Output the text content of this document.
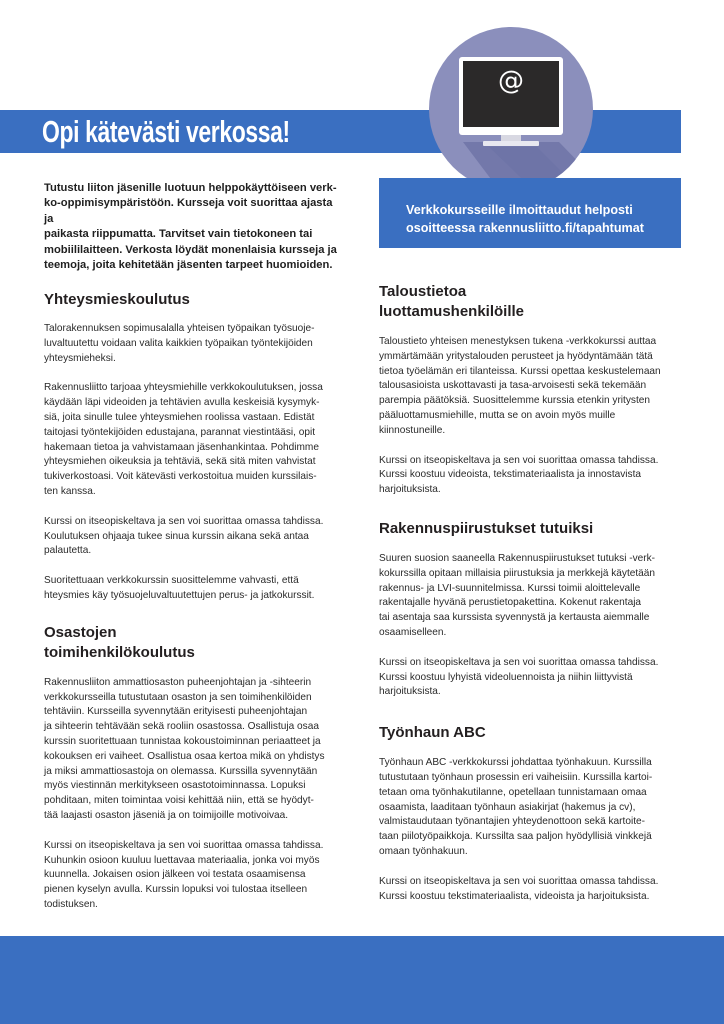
Opi kätevästi verkossa!
@
Tutustu liiton jäsenille luotuun helppokäyttöiseen verk-
ko-oppimisympäristöön. Kursseja voit suorittaa ajasta ja
paikasta riippumatta. Tarvitset vain tietokoneen tai
mobiililaitteen. Verkosta löydät monenlaisia kursseja ja
teemoja, joita kehitetään jäsenten tarpeet huomioiden.
Verkkokursseille ilmoittaudut helposti
osoitteessa rakennusliitto.fi/tapahtumat
Yhteysmieskoulutus
Talorakennuksen sopimusalalla yhteisen työpaikan työsuoje-
luvaltuutettu voidaan valita kaikkien työpaikan työntekijöiden
yhteysmieheksi.
Rakennusliitto tarjoaa yhteysmiehille verkkokoulutuksen, jossa
käydään läpi videoiden ja tehtävien avulla keskeisiä kysymyk-
siä, joita sinulle tulee yhteysmiehen roolissa vastaan. Edistät
taitojasi työntekijöiden edustajana, parannat viestintääsi, opit
hakemaan tietoa ja vahvistamaan jäsenhankintaa. Pohdimme
yhteysmiehen oikeuksia ja tehtäviä, sekä sitä miten vahvistat
tukiverkostoasi. Voit kätevästi verkostoitua muiden kurssilais-
ten kanssa.
Kurssi on itseopiskeltava ja sen voi suorittaa omassa tahdissa.
Koulutuksen ohjaaja tukee sinua kurssin aikana sekä antaa
palautetta.
Suoritettuaan verkkokurssin suosittelemme vahvasti, että
hteysmies käy työsuojeluvaltuutettujen perus- ja jatkokurssit.
Osastojen
toimihenkilökoulutus
Rakennusliiton ammattiosaston puheenjohtajan ja -sihteerin
verkkokursseilla tutustutaan osaston ja sen toimihenkilöiden
tehtäviin. Kursseilla syvennytään erityisesti puheenjohtajan
ja sihteerin tehtävään sekä rooliin osastossa. Osallistuja osaa
kurssin suoritettuaan tunnistaa kokoustoiminnan periaatteet ja
kokouksen eri vaiheet. Osallistua osaa kertoa mikä on yhdistys
ja miksi ammattiosastoja on olemassa. Kurssilla syvennytään
myös viestinnän merkitykseen osastotoiminnassa. Lopuksi
pohditaan, miten toimintaa voisi kehittää niin, että se hyödyt-
tää laajasti osaston jäseniä ja on toimijoille motivoivaa.
Kurssi on itseopiskeltava ja sen voi suorittaa omassa tahdissa.
Kuhunkin osioon kuuluu luettavaa materiaalia, jonka voi myös
kuunnella. Jokaisen osion jälkeen voi testata osaamisensa
pienen kyselyn avulla. Kurssin lopuksi voi tulostaa itselleen
todistuksen.
Taloustietoa
luottamushenkilöille
Taloustieto yhteisen menestyksen tukena -verkkokurssi auttaa
ymmärtämään yritystalouden perusteet ja hyödyntämään tätä
tietoa työelämän eri tilanteissa. Kurssi opettaa keskustelemaan
talousasioista uskottavasti ja tasa-arvoisesti sekä tekemään
parempia päätöksiä. Suosittelemme kurssia etenkin yritysten
pääluottamusmiehille, mutta se on avoin myös muille
kiinnostuneille.
Kurssi on itseopiskeltava ja sen voi suorittaa omassa tahdissa.
Kurssi koostuu videoista, tekstimateriaalista ja innostavista
harjoituksista.
Rakennuspiirustukset tutuiksi
Suuren suosion saaneella Rakennuspiirustukset tutuksi -verk-
kokurssilla opitaan millaisia piirustuksia ja merkkejä käytetään
rakennus- ja LVI-suunnitelmissa. Kurssi toimii aloittelevalle
rakentajalle hyvänä perustietopakettina. Kokenut rakentaja
tai asentaja saa kurssista syvennystä ja kertausta aiemmalle
osaamiselleen.
Kurssi on itseopiskeltava ja sen voi suorittaa omassa tahdissa.
Kurssi koostuu lyhyistä videoluennoista ja niihin liittyvistä
harjoituksista.
Työnhaun ABC
Työnhaun ABC -verkkokurssi johdattaa työnhakuun. Kurssilla
tutustutaan työnhaun prosessin eri vaiheisiin. Kurssilla kartoi-
tetaan oma työnhakutilanne, opetellaan tunnistamaan omaa
osaamista, laaditaan työnhaun asiakirjat (hakemus ja cv),
valmistaudutaan työnantajien yhteydenottoon sekä kartoite-
taan piilotyöpaikkoja. Kurssilta saa paljon hyödyllisiä vinkkejä
omaan työnhakuun.
Kurssi on itseopiskeltava ja sen voi suorittaa omassa tahdissa.
Kurssi koostuu tekstimateriaalista, videoista ja harjoituksista.
